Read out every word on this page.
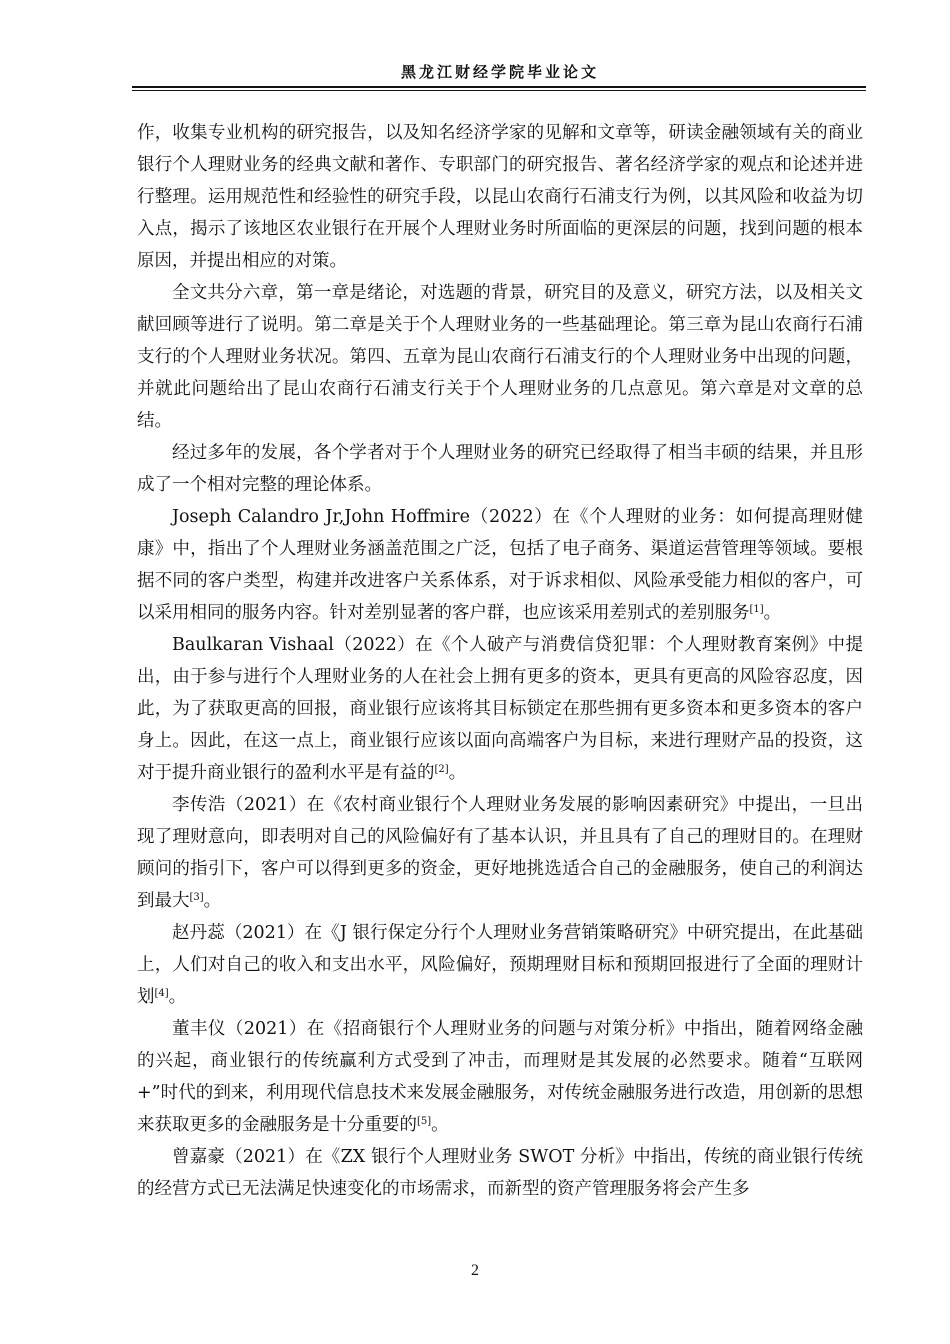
黑龙江财经学院毕业论文

作，收集专业机构的研究报告，以及知名经济学家的见解和文章等，研读金融领域有关的商业银行个人理财业务的经典文献和著作、专职部门的研究报告、著名经济学家的观点和论述并进行整理。运用规范性和经验性的研究手段，以昆山农商行石浦支行为例，以其风险和收益为切入点，揭示了该地区农业银行在开展个人理财业务时所面临的更深层的问题，找到问题的根本原因，并提出相应的对策。

全文共分六章，第一章是绪论，对选题的背景，研究目的及意义，研究方法，以及相关文献回顾等进行了说明。第二章是关于个人理财业务的一些基础理论。第三章为昆山农商行石浦支行的个人理财业务状况。第四、五章为昆山农商行石浦支行的个人理财业务中出现的问题，并就此问题给出了昆山农商行石浦支行关于个人理财业务的几点意见。第六章是对文章的总结。

经过多年的发展，各个学者对于个人理财业务的研究已经取得了相当丰硕的结果，并且形成了一个相对完整的理论体系。

Joseph Calandro Jr,John Hoffmire（2022）在《个人理财的业务：如何提高理财健康》中，指出了个人理财业务涵盖范围之广泛，包括了电子商务、渠道运营管理等领域。要根据不同的客户类型，构建并改进客户关系体系，对于诉求相似、风险承受能力相似的客户，可以采用相同的服务内容。针对差别显著的客户群，也应该采用差别式的差别服务[1]。

Baulkaran Vishaal（2022）在《个人破产与消费信贷犯罪：个人理财教育案例》中提出，由于参与进行个人理财业务的人在社会上拥有更多的资本，更具有更高的风险容忍度，因此，为了获取更高的回报，商业银行应该将其目标锁定在那些拥有更多资本和更多资本的客户身上。因此，在这一点上，商业银行应该以面向高端客户为目标，来进行理财产品的投资，这对于提升商业银行的盈利水平是有益的[2]。

李传浩（2021）在《农村商业银行个人理财业务发展的影响因素研究》中提出，一旦出现了理财意向，即表明对自己的风险偏好有了基本认识，并且具有了自己的理财目的。在理财顾问的指引下，客户可以得到更多的资金，更好地挑选适合自己的金融服务，使自己的利润达到最大[3]。

赵丹蕊（2021）在《J 银行保定分行个人理财业务营销策略研究》中研究提出，在此基础上，人们对自己的收入和支出水平，风险偏好，预期理财目标和预期回报进行了全面的理财计划[4]。

董丰仪（2021）在《招商银行个人理财业务的问题与对策分析》中指出，随着网络金融的兴起，商业银行的传统赢利方式受到了冲击，而理财是其发展的必然要求。随着“互联网+”时代的到来，利用现代信息技术来发展金融服务，对传统金融服务进行改造，用创新的思想来获取更多的金融服务是十分重要的[5]。

曾嘉豪（2021）在《ZX 银行个人理财业务 SWOT 分析》中指出，传统的商业银行传统的经营方式已无法满足快速变化的市场需求，而新型的资产管理服务将会产生多

2
